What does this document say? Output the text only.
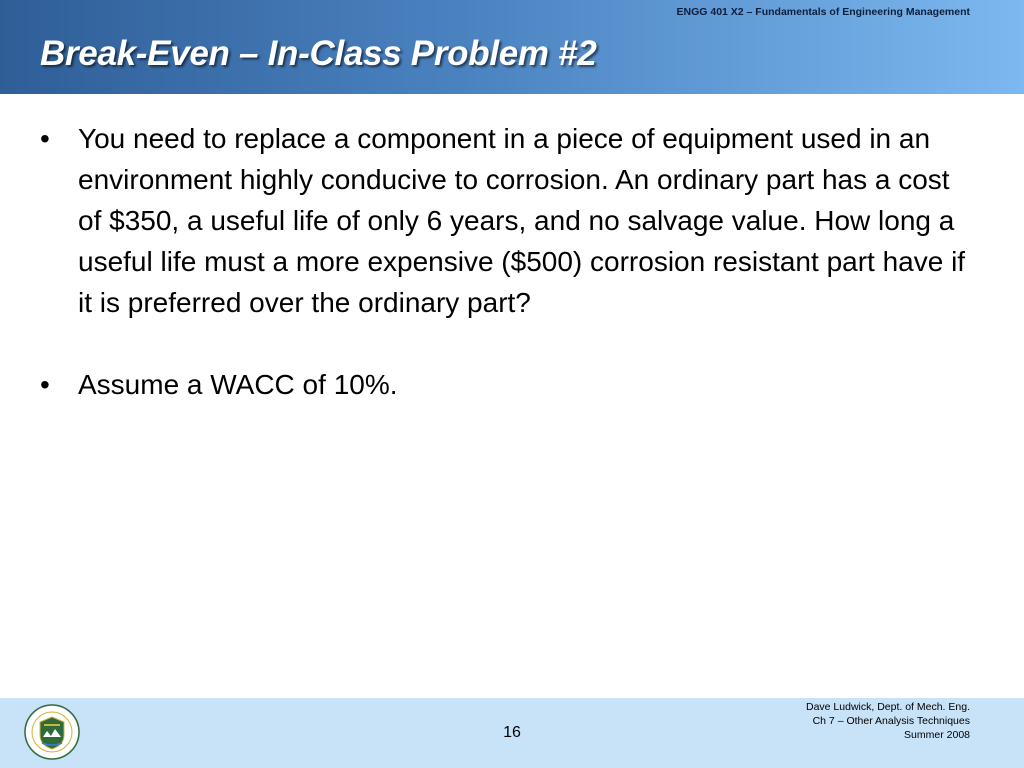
ENGG 401 X2 – Fundamentals of Engineering Management
Break-Even – In-Class Problem #2
• You need to replace a component in a piece of equipment used in an environment highly conducive to corrosion. An ordinary part has a cost of $350, a useful life of only 6 years, and no salvage value. How long a useful life must a more expensive ($500) corrosion resistant part have if it is preferred over the ordinary part?
• Assume a WACC of 10%.
16
Dave Ludwick, Dept. of Mech. Eng.
Ch 7 – Other Analysis Techniques
Summer 2008
